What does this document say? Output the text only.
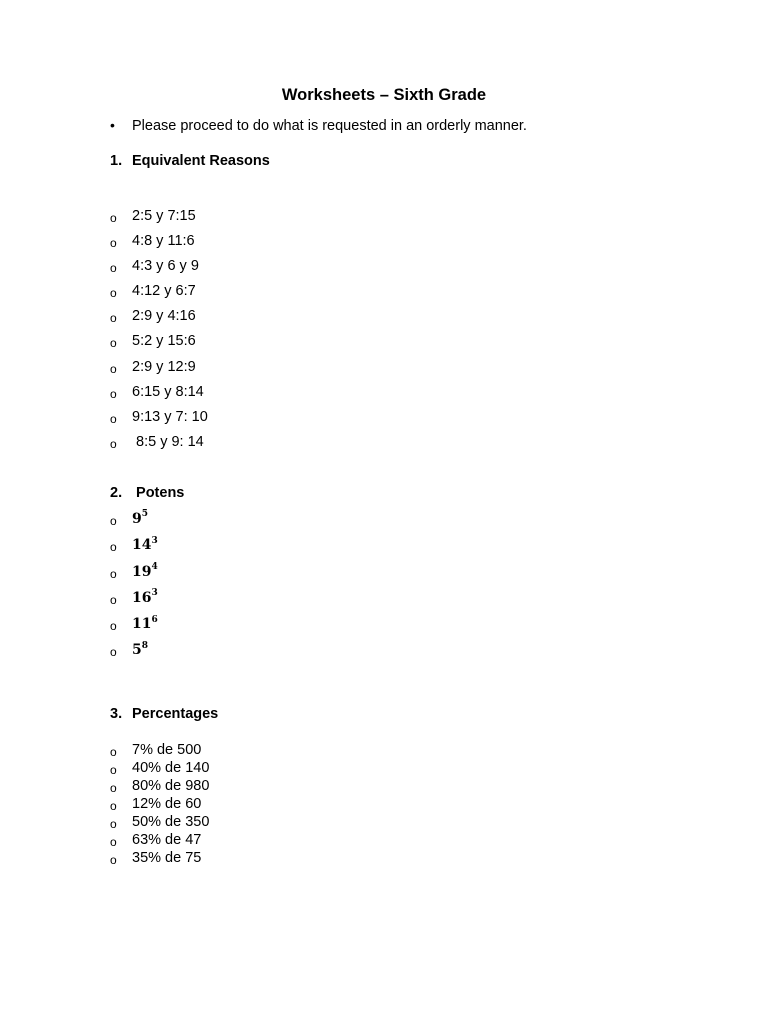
Worksheets – Sixth Grade
•	Please proceed to do what is requested in an orderly manner.
1. Equivalent Reasons
o	2:5 y 7:15
o	4:8 y 11:6
o	4:3 y 6 y 9
o	4:12 y 6:7
o	2:9 y 4:16
o	5:2 y 15:6
o	2:9 y 12:9
o	6:15 y 8:14
o	9:13 y 7: 10
o	8:5 y 9: 14
2. Potens
o	$9^5$
o	$14^3$
o	$19^4$
o	$16^3$
o	$11^6$
o	$5^8$
3. Percentages
o	7% de 500
o	40% de 140
o	80% de 980
o	12% de 60
o	50% de 350
o	63% de 47
o	35% de 75
